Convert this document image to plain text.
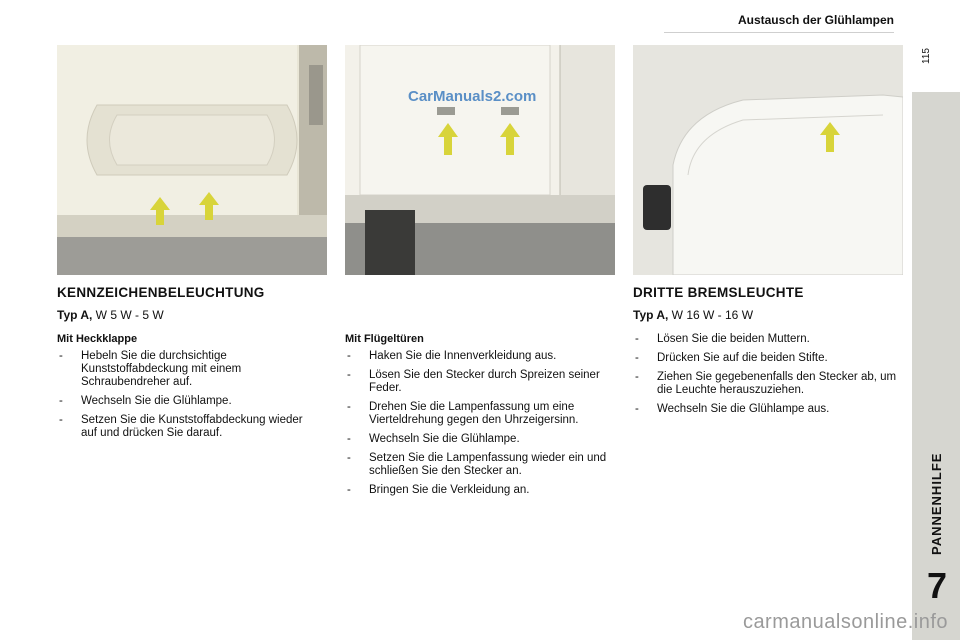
Austausch der Glühlampen
115
PANNENHILFE
7
CarManuals2.com
KENNZEICHENBELEUCHTUNG
Typ A, W 5 W - 5 W
Mit Heckklappe
- Hebeln Sie die durchsichtige Kunststoffabdeckung mit einem Schraubendreher auf.
- Wechseln Sie die Glühlampe.
- Setzen Sie die Kunststoffabdeckung wieder auf und drücken Sie darauf.
Mit Flügeltüren
- Haken Sie die Innenverkleidung aus.
- Lösen Sie den Stecker durch Spreizen seiner Feder.
- Drehen Sie die Lampenfassung um eine Vierteldrehung gegen den Uhrzeigersinn.
- Wechseln Sie die Glühlampe.
- Setzen Sie die Lampenfassung wieder ein und schließen Sie den Stecker an.
- Bringen Sie die Verkleidung an.
DRITTE BREMSLEUCHTE
Typ A, W 16 W - 16 W
- Lösen Sie die beiden Muttern.
- Drücken Sie auf die beiden Stifte.
- Ziehen Sie gegebenenfalls den Stecker ab, um die Leuchte herauszuziehen.
- Wechseln Sie die Glühlampe aus.
carmanualsonline.info
